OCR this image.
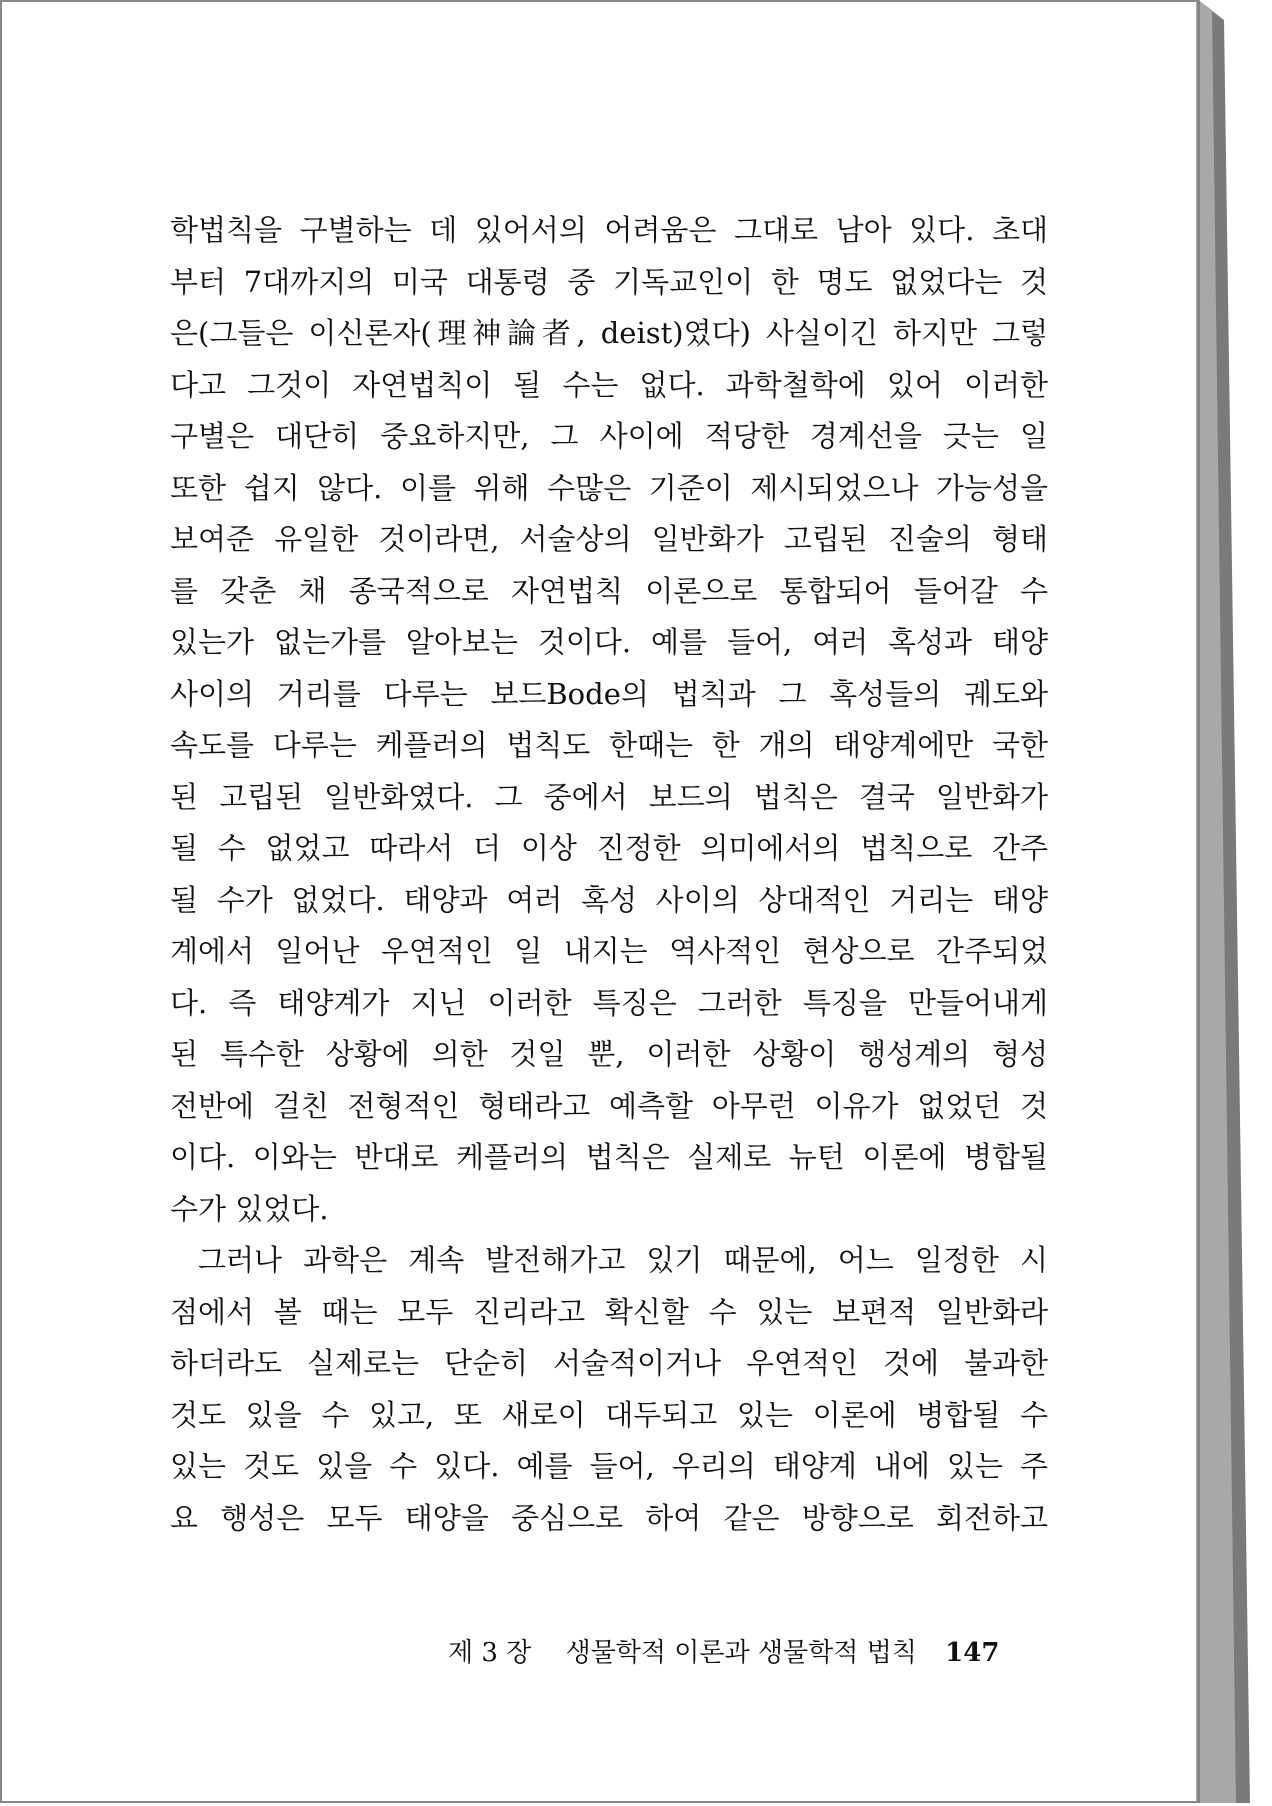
학법칙을 구별하는 데 있어서의 어려움은 그대로 남아 있다. 초대
부터 7대까지의 미국 대통령 중 기독교인이 한 명도 없었다는 것
은(그들은 이신론자(理神論者, deist)였다) 사실이긴 하지만 그렇
다고 그것이 자연법칙이 될 수는 없다. 과학철학에 있어 이러한
구별은 대단히 중요하지만, 그 사이에 적당한 경계선을 긋는 일
또한 쉽지 않다. 이를 위해 수많은 기준이 제시되었으나 가능성을
보여준 유일한 것이라면, 서술상의 일반화가 고립된 진술의 형태
를 갖춘 채 종국적으로 자연법칙 이론으로 통합되어 들어갈 수
있는가 없는가를 알아보는 것이다. 예를 들어, 여러 혹성과 태양
사이의 거리를 다루는 보드Bode의 법칙과 그 혹성들의 궤도와
속도를 다루는 케플러의 법칙도 한때는 한 개의 태양계에만 국한
된 고립된 일반화였다. 그 중에서 보드의 법칙은 결국 일반화가
될 수 없었고 따라서 더 이상 진정한 의미에서의 법칙으로 간주
될 수가 없었다. 태양과 여러 혹성 사이의 상대적인 거리는 태양
계에서 일어난 우연적인 일 내지는 역사적인 현상으로 간주되었
다. 즉 태양계가 지닌 이러한 특징은 그러한 특징을 만들어내게
된 특수한 상황에 의한 것일 뿐, 이러한 상황이 행성계의 형성
전반에 걸친 전형적인 형태라고 예측할 아무런 이유가 없었던 것
이다. 이와는 반대로 케플러의 법칙은 실제로 뉴턴 이론에 병합될
수가 있었다.
그러나 과학은 계속 발전해가고 있기 때문에, 어느 일정한 시
점에서 볼 때는 모두 진리라고 확신할 수 있는 보편적 일반화라
하더라도 실제로는 단순히 서술적이거나 우연적인 것에 불과한
것도 있을 수 있고, 또 새로이 대두되고 있는 이론에 병합될 수
있는 것도 있을 수 있다. 예를 들어, 우리의 태양계 내에 있는 주
요 행성은 모두 태양을 중심으로 하여 같은 방향으로 회전하고
제 3 장 생물학적 이론과 생물학적 법칙 147
